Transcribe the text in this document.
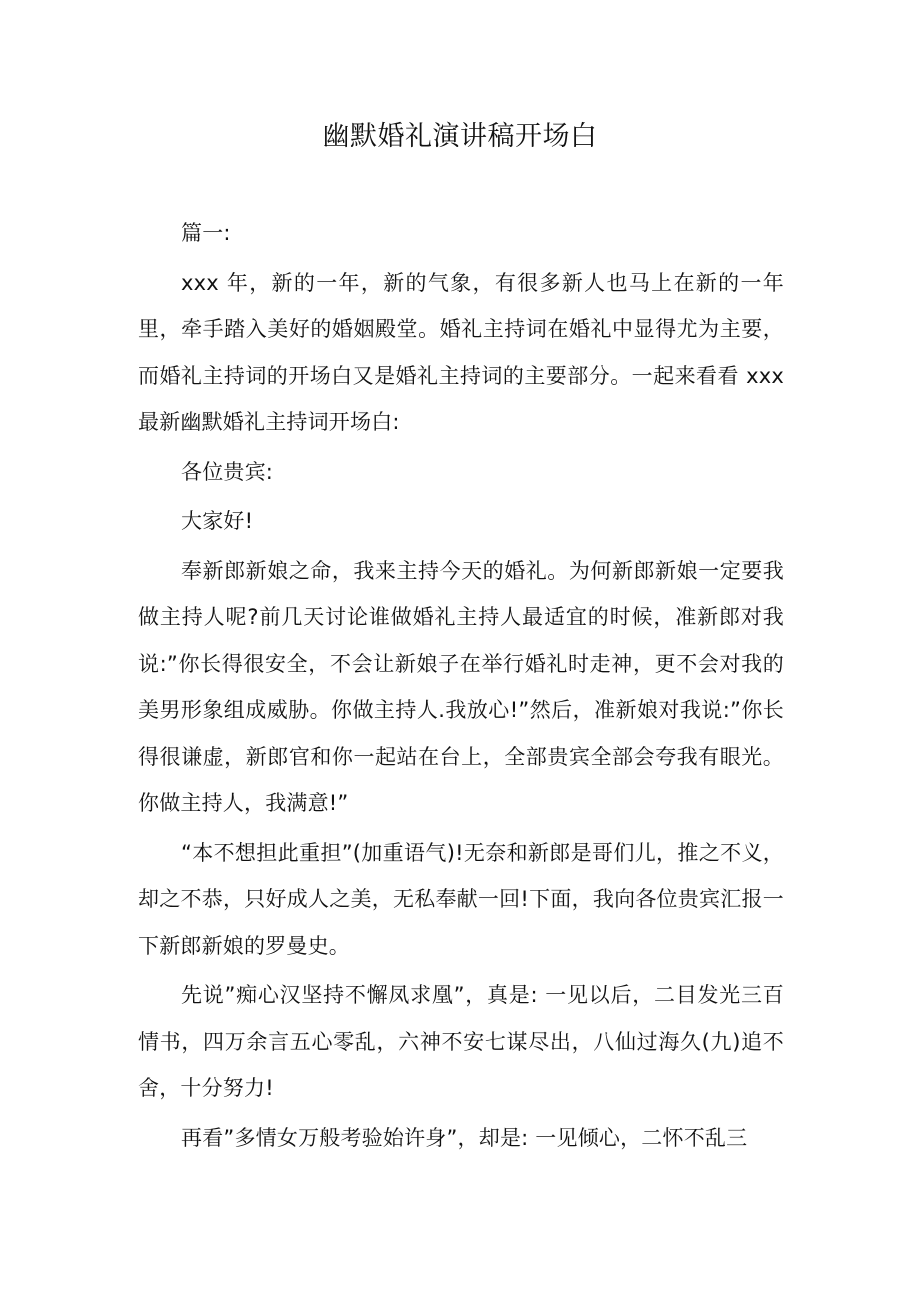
幽默婚礼演讲稿开场白

篇一:

xxx 年，新的一年，新的气象，有很多新人也马上在新的一年里，牵手踏入美好的婚姻殿堂。婚礼主持词在婚礼中显得尤为主要，而婚礼主持词的开场白又是婚礼主持词的主要部分。一起来看看 xxx 最新幽默婚礼主持词开场白:

各位贵宾:

大家好!

奉新郎新娘之命，我来主持今天的婚礼。为何新郎新娘一定要我做主持人呢?前几天讨论谁做婚礼主持人最适宜的时候，准新郎对我说:”你长得很安全，不会让新娘子在举行婚礼时走神，更不会对我的美男形象组成威胁。你做主持人.我放心!”然后，准新娘对我说:”你长得很谦虚，新郎官和你一起站在台上，全部贵宾全部会夸我有眼光。你做主持人，我满意!”

“本不想担此重担”(加重语气)!无奈和新郎是哥们儿，推之不义，却之不恭，只好成人之美，无私奉献一回!下面，我向各位贵宾汇报一下新郎新娘的罗曼史。

先说”痴心汉坚持不懈凤求凰”，真是: 一见以后，二目发光三百情书，四万余言五心零乱，六神不安七谋尽出，八仙过海久(九)追不舍，十分努力!

再看”多情女万般考验始许身”，却是: 一见倾心，二怀不乱三
